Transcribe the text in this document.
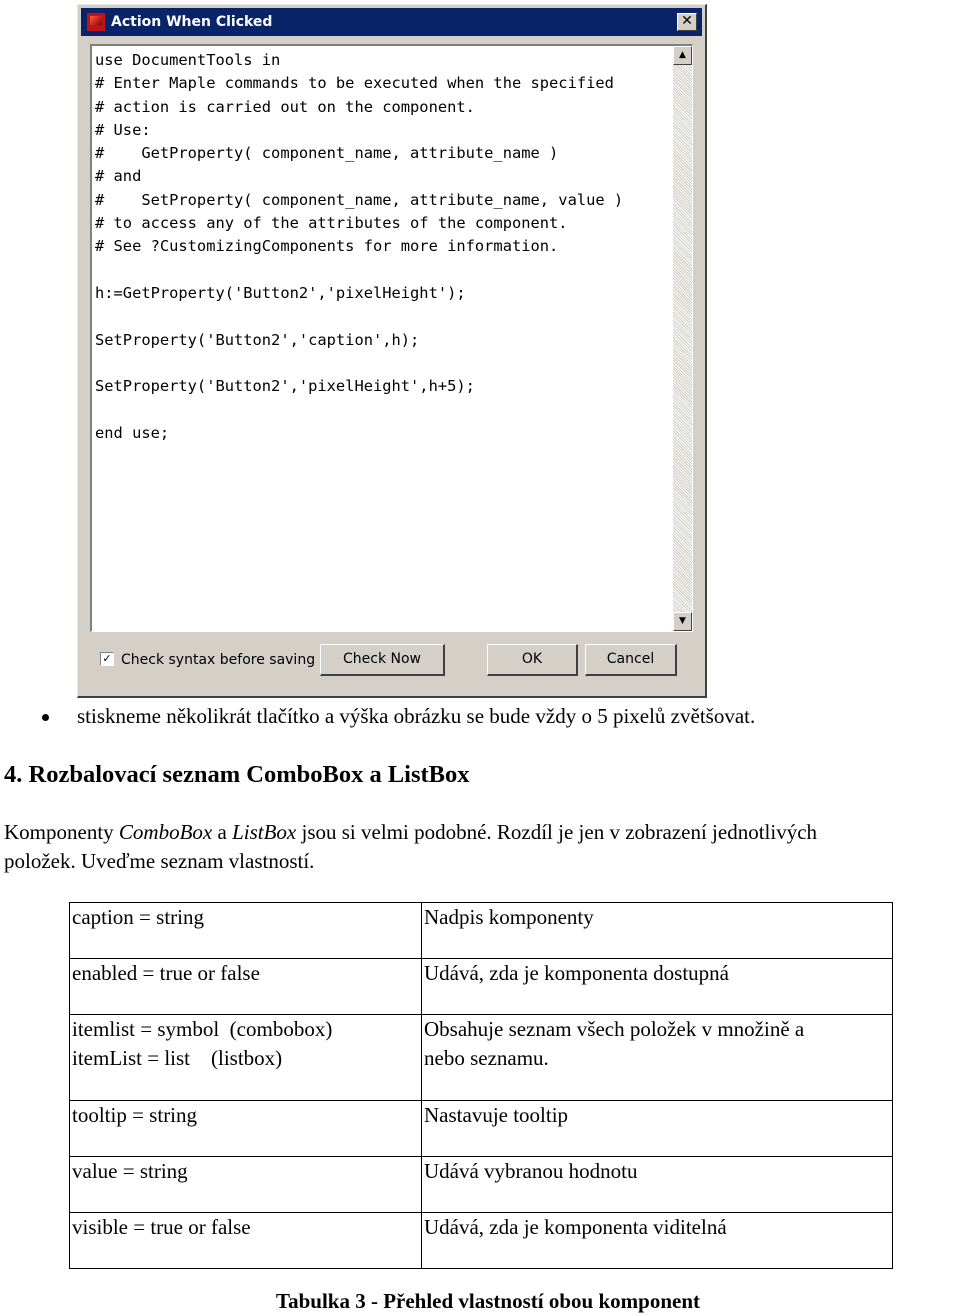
Action When Clicked	✕
use DocumentTools in
# Enter Maple commands to be executed when the specified
# action is carried out on the component.
# Use:
#    GetProperty( component_name, attribute_name )
# and
#    SetProperty( component_name, attribute_name, value )
# to access any of the attributes of the component.
# See ?CustomizingComponents for more information.

h:=GetProperty('Button2','pixelHeight');

SetProperty('Button2','caption',h);

SetProperty('Button2','pixelHeight',h+5);

end use;
▲
▼
✓ Check syntax before saving	Check Now	OK	Cancel
stiskneme několikrát tlačítko a výška obrázku se bude vždy o 5 pixelů zvětšovat.
4. Rozbalovací seznam ComboBox a ListBox
Komponenty ComboBox a ListBox jsou si velmi podobné. Rozdíl je jen v zobrazení jednotlivých
položek. Uveďme seznam vlastností.
caption = string	Nadpis komponenty

enabled = true or false	Udává, zda je komponenta dostupná

itemlist = symbol  (combobox)
itemList = list    (listbox)	Obsahuje seznam všech položek v množině a
nebo seznamu.

tooltip = string	Nastavuje tooltip

value = string	Udává vybranou hodnotu

visible = true or false	Udává, zda je komponenta viditelná
Tabulka 3 - Přehled vlastností obou komponent
